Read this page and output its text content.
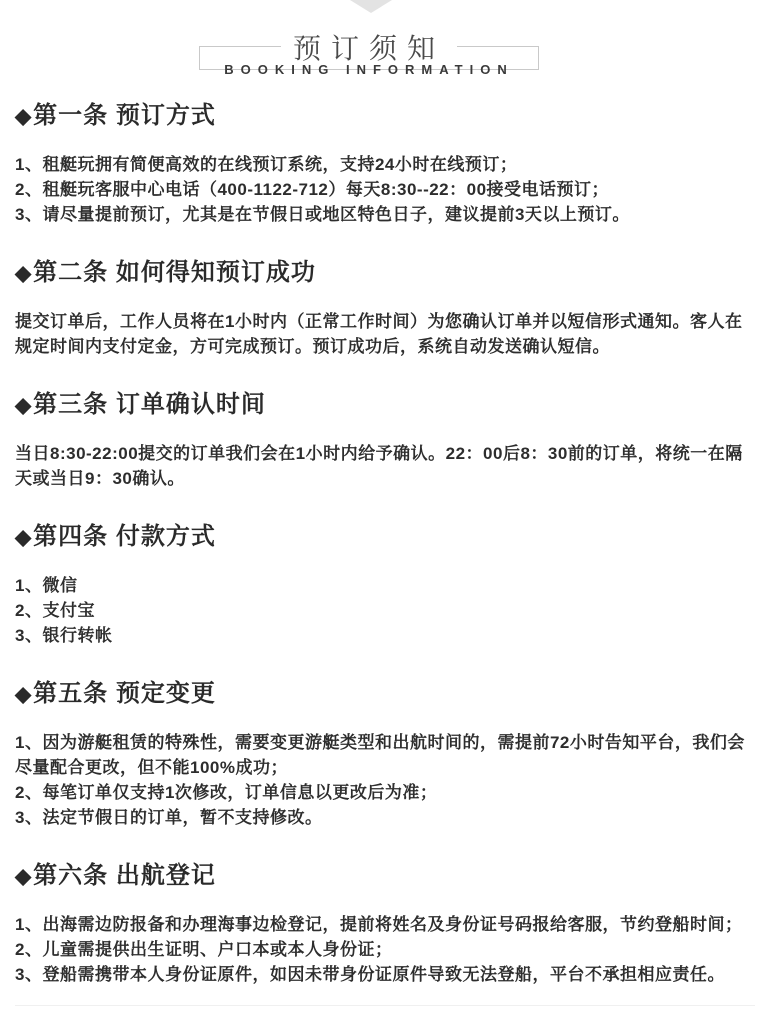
预订须知
BOOKING INFORMATION
◆第一条 预订方式
1、租艇玩拥有简便高效的在线预订系统，支持24小时在线预订；
2、租艇玩客服中心电话（400-1122-712）每天8:30--22：00接受电话预订；
3、请尽量提前预订，尤其是在节假日或地区特色日子，建议提前3天以上预订。
◆第二条 如何得知预订成功

提交订单后，工作人员将在1小时内（正常工作时间）为您确认订单并以短信形式通知。客人在规定时间内支付定金，方可完成预订。预订成功后，系统自动发送确认短信。

◆第三条 订单确认时间

当日8:30-22:00提交的订单我们会在1小时内给予确认。22：00后8：30前的订单，将统一在隔天或当日9：30确认。

◆第四条 付款方式
1、微信
2、支付宝
3、银行转帐
◆第五条 预定变更
1、因为游艇租赁的特殊性，需要变更游艇类型和出航时间的，需提前72小时告知平台，我们会尽量配合更改，但不能100%成功；
2、每笔订单仅支持1次修改，订单信息以更改后为准；
3、法定节假日的订单，暂不支持修改。
◆第六条 出航登记
1、出海需边防报备和办理海事边检登记，提前将姓名及身份证号码报给客服，节约登船时间；
2、儿童需提供出生证明、户口本或本人身份证；
3、登船需携带本人身份证原件，如因未带身份证原件导致无法登船，平台不承担相应责任。
